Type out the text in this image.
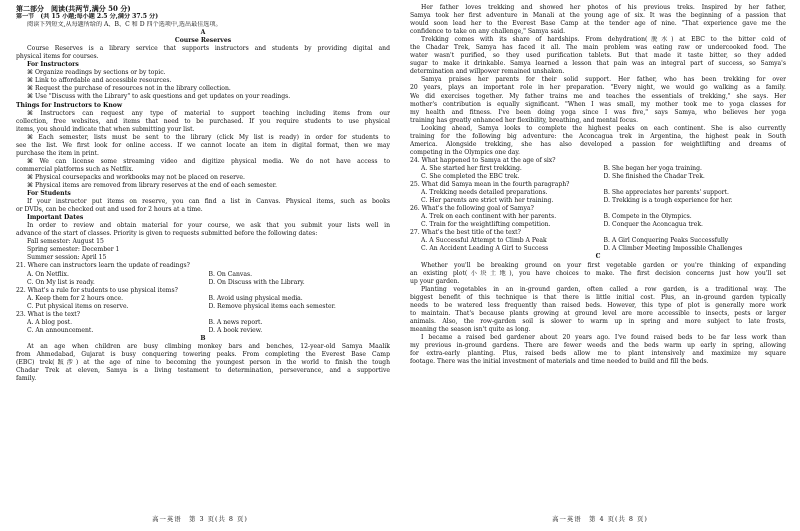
第二部分　阅读(共两节,满分 50 分)
第一节　(共 15 小题;每小题 2.5 分,满分 37.5 分)
阅读下列短文,从每题所给的 A、B、C 和 D 四个选项中,选出最佳选项。
A
Course Reserves
Course Reserves is a library service that supports instructors and students by providing digital and
physical items for courses.
For Instructors
⌘ Organize readings by sections or by topic.
⌘ Link to affordable and accessible resources.
⌘ Request the purchase of resources not in the library collection.
⌘ Use "Discuss with the Library" to ask questions and get updates on your readings.
Things for Instructors to Know
⌘ Instructors can request any type of material to support teaching including items from our
collection, free websites, and items that need to be purchased. If you require students to use physical
items, you should indicate that when submitting your list.
⌘ Each semester, lists must be sent to the library (click My list is ready) in order for students to
see the list. We first look for online access. If we cannot locate an item in digital format, then we may
purchase the item in print.
⌘ We can license some streaming video and digitize physical media. We do not have access to
commercial platforms such as Netflix.
⌘ Physical coursepacks and workbooks may not be placed on reserve.
⌘ Physical items are removed from library reserves at the end of each semester.
For Students
If your instructor put items on reserve, you can find a list in Canvas. Physical items, such as books
or DVDs, can be checked out and used for 2 hours at a time.
Important Dates
In order to review and obtain material for your course, we ask that you submit your lists well in
advance of the start of classes. Priority is given to requests submitted before the following dates:
Fall semester: August 15
Spring semester: December 1
Summer session: April 15
21. Where can instructors learn the update of readings?
A. On Netflix.	B. On Canvas.
C. On My list is ready.	D. On Discuss with the Library.
22. What's a rule for students to use physical items?
A. Keep them for 2 hours once.	B. Avoid using physical media.
C. Put physical items on reserve.	D. Remove physical items each semester.
23. What is the text?
A. A blog post.	B. A news report.
C. An announcement.	D. A book review.
B
At an age when children are busy climbing monkey bars and benches, 12-year-old Samya Maalik
from Ahmedabad, Gujarat is busy conquering towering peaks. From completing the Everest Base Camp
(EBC) trek(跋涉) at the age of nine to becoming the youngest person in the world to finish the tough
Chadar Trek at eleven, Samya is a living testament to determination, perseverance, and a supportive
family.
高一英语　第 3 页(共 8 页)
Her father loves trekking and showed her photos of his previous treks. Inspired by her father,
Samya took her first adventure in Manali at the young age of six. It was the beginning of a passion that
would soon lead her to the Everest Base Camp at the tender age of nine. "That experience gave me the
confidence to take on any challenge," Samya said.
Trekking comes with its share of hardships. From dehydration(脱水) at EBC to the bitter cold of
the Chadar Trek, Samya has faced it all. The main problem was eating raw or undercooked food. The
water wasn't purified, so they used purification tablets. But that made it taste bitter, so they added
sugar to make it drinkable. Samya learned a lesson that pain was an integral part of success, so Samya's
determination and willpower remained unshaken.
Samya praises her parents for their solid support. Her father, who has been trekking for over
20 years, plays an important role in her preparation. "Every night, we would go walking as a family.
We did exercises together. My father trains me and teaches the essentials of trekking," she says. Her
mother's contribution is equally significant. "When I was small, my mother took me to yoga classes for
my health and fitness. I've been doing yoga since I was five," says Samya, who believes her yoga
training has greatly enhanced her flexibility, breathing, and mental focus.
Looking ahead, Samya looks to complete the highest peaks on each continent. She is also currently
training for the following big adventure: the Aconcagua trek in Argentina, the highest peak in South
America. Alongside trekking, she has also developed a passion for weightlifting and dreams of
competing in the Olympics one day.
24. What happened to Samya at the age of six?
A. She started her first trekking.	B. She began her yoga training.
C. She completed the EBC trek.	D. She finished the Chadar Trek.
25. What did Samya mean in the fourth paragraph?
A. Trekking needs detailed preparations.	B. She appreciates her parents' support.
C. Her parents are strict with her training.	D. Trekking is a tough experience for her.
26. What's the following goal of Samya?
A. Trek on each continent with her parents.	B. Compete in the Olympics.
C. Train for the weightlifting competition.	D. Conquer the Aconcagua trek.
27. What's the best title of the text?
A. A Successful Attempt to Climb A Peak	B. A Girl Conquering Peaks Successfully
C. An Accident Leading A Girl to Success	D. A Climber Meeting Impossible Challenges
C
Whether you'll be breaking ground on your first vegetable garden or you're thinking of expanding
an existing plot(小块土地), you have choices to make. The first decision concerns just how you'll set
up your garden.
Planting vegetables in an in-ground garden, often called a row garden, is a traditional way. The
biggest benefit of this technique is that there is little initial cost. Plus, an in-ground garden typically
needs to be watered less frequently than raised beds. However, this type of plot is generally more work
to maintain. That's because plants growing at ground level are more accessible to insects, pests or larger
animals. Also, the row-garden soil is slower to warm up in spring and more subject to late frosts,
meaning the season isn't quite as long.
I became a raised bed gardener about 20 years ago. I've found raised beds to be far less work than
my previous in-ground gardens. There are fewer weeds and the beds warm up early in spring, allowing
for extra-early planting. Plus, raised beds allow me to plant intensively and maximize my square
footage. There was the initial investment of materials and time needed to build and fill the beds.
高一英语　第 4 页(共 8 页)
